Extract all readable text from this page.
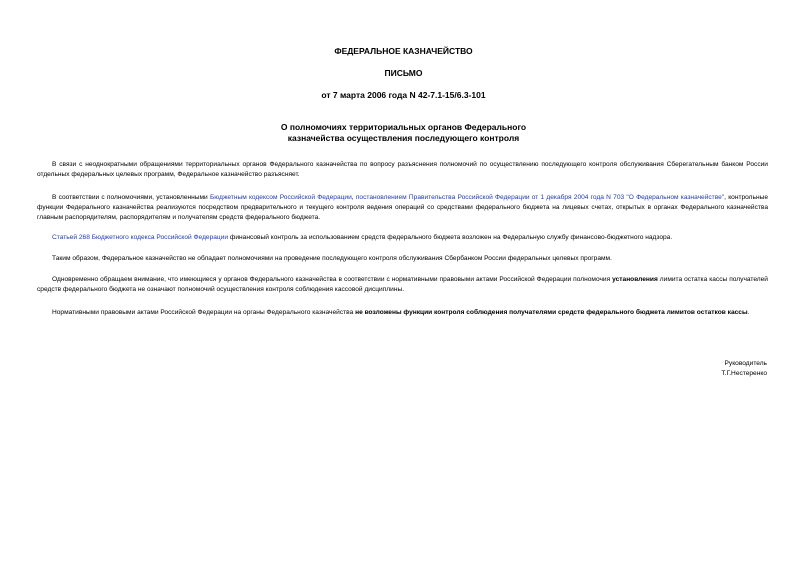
ФЕДЕРАЛЬНОЕ КАЗНАЧЕЙСТВО
ПИСЬМО
от 7 марта 2006 года N 42-7.1-15/6.3-101
О полномочиях территориальных органов Федерального
казначейства осуществления последующего контроля

В связи с неоднократными обращениями территориальных органов Федерального казначейства по вопросу разъяснения полномочий по осуществлению последующего контроля обслуживания Сберегательным банком России отдельных федеральных целевых программ, Федеральное казначейство разъясняет.

В соответствии с полномочиями, установленными Бюджетным кодексом Российской Федерации, постановлением Правительства Российской Федерации от 1 декабря 2004 года N 703 "О Федеральном казначействе", контрольные функции Федерального казначейства реализуются посредством предварительного и текущего контроля ведения операций со средствами федерального бюджета на лицевых счетах, открытых в органах Федерального казначейства главным распорядителям, распорядителям и получателям средств федерального бюджета.

Статьей 268 Бюджетного кодекса Российской Федерации финансовый контроль за использованием средств федерального бюджета возложен на Федеральную службу финансово-бюджетного надзора.

Таким образом, Федеральное казначейство не обладает полномочиями на проведение последующего контроля обслуживания Сбербанком России федеральных целевых программ.

Одновременно обращаем внимание, что имеющиеся у органов Федерального казначейства в соответствии с нормативными правовыми актами Российской Федерации полномочия установления лимита остатка кассы получателей средств федерального бюджета не означают полномочий осуществления контроля соблюдения кассовой дисциплины.

Нормативными правовыми актами Российской Федерации на органы Федерального казначейства не возложены функции контроля соблюдения получателями средств федерального бюджета лимитов остатков кассы.

Руководитель
Т.Г.Нестеренко
